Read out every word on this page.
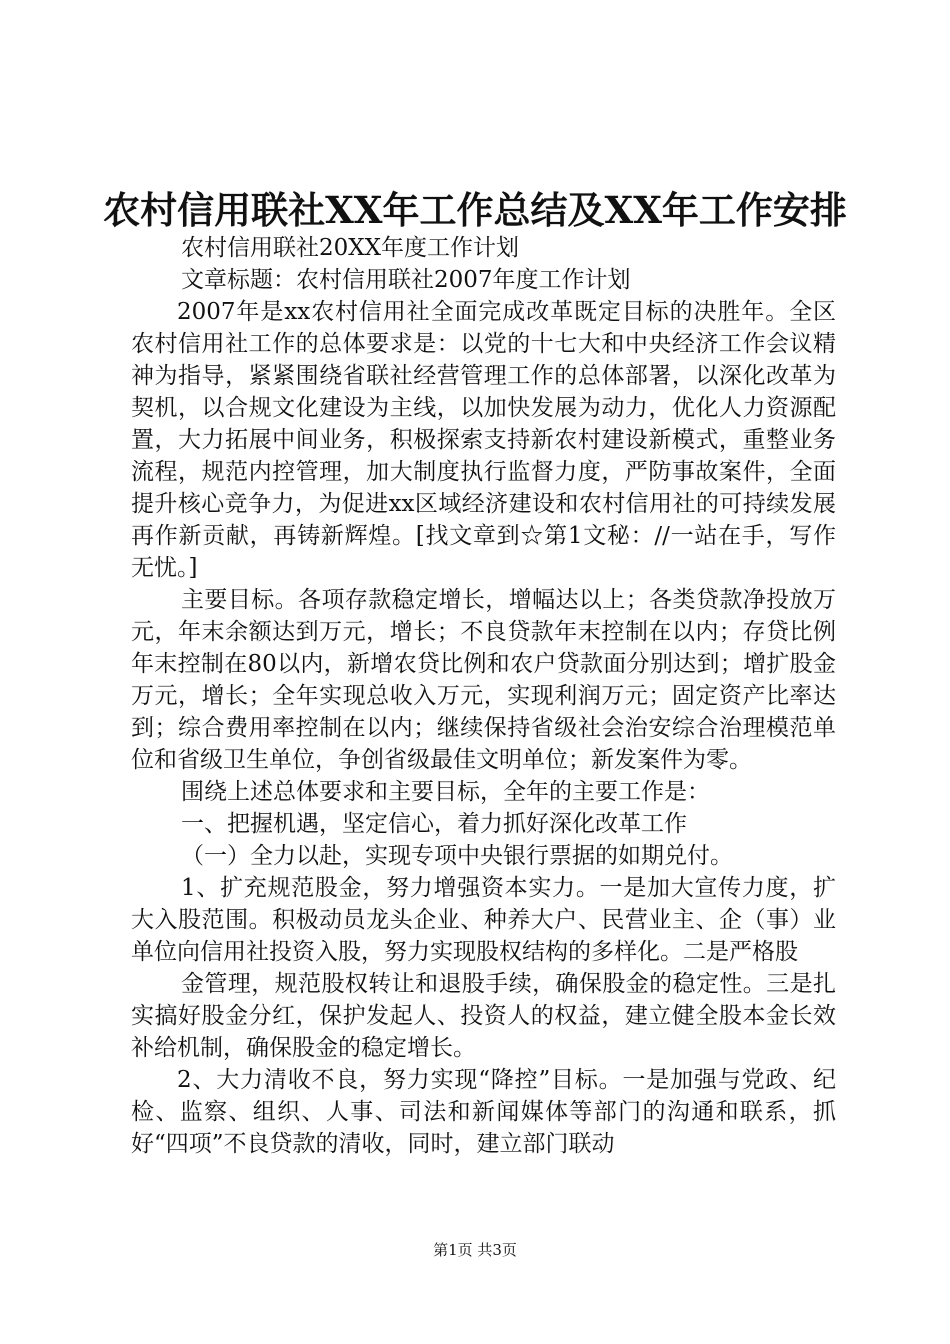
农村信用联社XX年工作总结及XX年工作安排

农村信用联社20XX年度工作计划

文章标题：农村信用联社2007年度工作计划

2007年是xx农村信用社全面完成改革既定目标的决胜年。全区农村信用社工作的总体要求是：以党的十七大和中央经济工作会议精神为指导，紧紧围绕省联社经营管理工作的总体部署，以深化改革为契机，以合规文化建设为主线，以加快发展为动力，优化人力资源配置，大力拓展中间业务，积极探索支持新农村建设新模式，重整业务流程，规范内控管理，加大制度执行监督力度，严防事故案件，全面提升核心竞争力，为促进xx区域经济建设和农村信用社的可持续发展再作新贡献，再铸新辉煌。[找文章到☆第1文秘：//一站在手，写作无忧。]

主要目标。各项存款稳定增长，增幅达以上；各类贷款净投放万元，年末余额达到万元，增长；不良贷款年末控制在以内；存贷比例年末控制在80以内，新增农贷比例和农户贷款面分别达到；增扩股金万元，增长；全年实现总收入万元，实现利润万元；固定资产比率达到；综合费用率控制在以内；继续保持省级社会治安综合治理模范单位和省级卫生单位，争创省级最佳文明单位；新发案件为零。

围绕上述总体要求和主要目标，全年的主要工作是：

一、把握机遇，坚定信心，着力抓好深化改革工作

（一）全力以赴，实现专项中央银行票据的如期兑付。

1、扩充规范股金，努力增强资本实力。一是加大宣传力度，扩大入股范围。积极动员龙头企业、种养大户、民营业主、企（事）业单位向信用社投资入股，努力实现股权结构的多样化。二是严格股

金管理，规范股权转让和退股手续，确保股金的稳定性。三是扎实搞好股金分红，保护发起人、投资人的权益，建立健全股本金长效补给机制，确保股金的稳定增长。

2、大力清收不良，努力实现“降控”目标。一是加强与党政、纪检、监察、组织、人事、司法和新闻媒体等部门的沟通和联系，抓好“四项”不良贷款的清收，同时，建立部门联动

第1页 共3页
